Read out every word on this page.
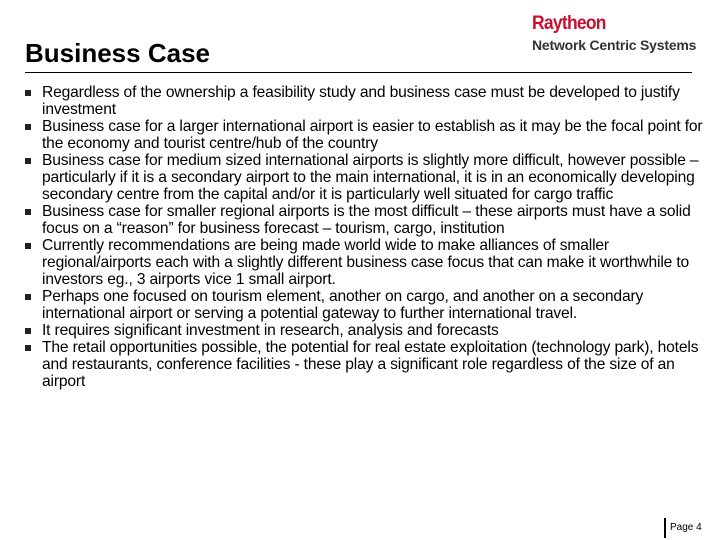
Raytheon
Network Centric Systems
Business Case
Regardless of the ownership a feasibility study and business case must be developed to justify investment
Business case for a larger international airport is easier to establish as it may be the focal point for the economy and tourist centre/hub of the country
Business case for medium sized international airports is slightly more difficult, however possible – particularly if it is a secondary airport to the main international, it is in an economically developing secondary centre from the capital and/or it is particularly well situated for cargo traffic
Business case for smaller regional airports is the most difficult – these airports must have a solid focus on a “reason” for business forecast – tourism, cargo, institution
Currently recommendations are being made world wide to make alliances of smaller regional/airports each with a slightly different business case focus that can make it worthwhile to investors eg., 3 airports vice 1 small airport.
Perhaps one focused on tourism element, another on cargo, and another on a secondary international airport or serving a potential gateway to further international travel.
It requires significant investment in research, analysis and forecasts
The retail opportunities possible, the potential for real estate exploitation (technology park), hotels and restaurants, conference facilities - these play a significant role regardless of the size of an airport
Page 4
